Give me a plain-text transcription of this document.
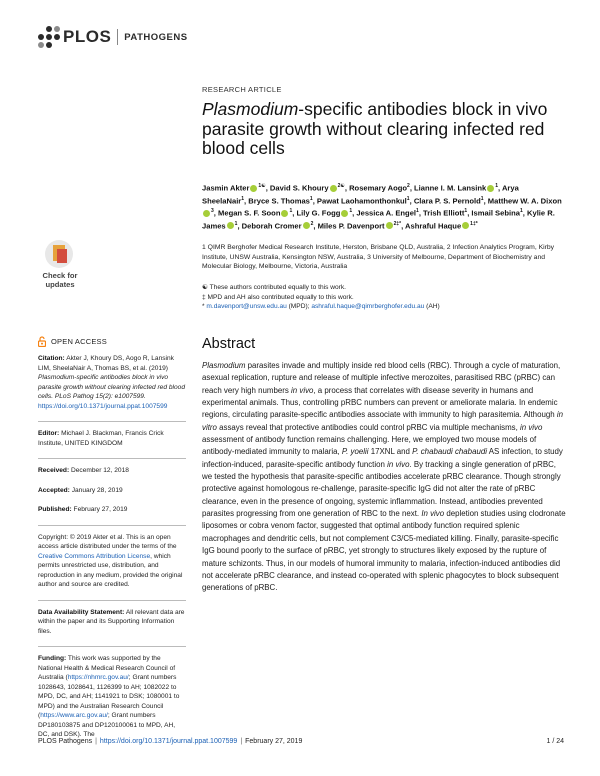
PLOS PATHOGENS
RESEARCH ARTICLE
Plasmodium-specific antibodies block in vivo parasite growth without clearing infected red blood cells
Jasmin Akter $^{1☯}$, David S. Khoury $^{2☯}$, Rosemary Aogo$^2$, Lianne I. M. Lansink $^1$, Arya SheelaNair$^1$, Bryce S. Thomas$^1$, Pawat Laohamonthonkul$^1$, Clara P. S. Pernold$^1$, Matthew W. A. Dixon$^3$, Megan S. F. Soon $^1$, Lily G. Fogg $^1$, Jessica A. Engel$^1$, Trish Elliott$^1$, Ismail Sebina$^1$, Kylie R. James $^1$, Deborah Cromer $^2$, Miles P. Davenport $^{2\ddagger*}$, Ashraful Haque $^{1\ddagger*}$
1 QIMR Berghofer Medical Research Institute, Herston, Brisbane QLD, Australia, 2 Infection Analytics Program, Kirby Institute, UNSW Australia, Kensington NSW, Australia, 3 University of Melbourne, Department of Biochemistry and Molecular Biology, Melbourne, Victoria, Australia
☯ These authors contributed equally to this work.
‡ MPD and AH also contributed equally to this work.
* m.davenport@unsw.edu.au (MPD); ashraful.haque@qimrberghofer.edu.au (AH)
Check for
updates
OPEN ACCESS
Citation: Akter J, Khoury DS, Aogo R, Lansink LIM, SheelaNair A, Thomas BS, et al. (2019) Plasmodium-specific antibodies block in vivo parasite growth without clearing infected red blood cells. PLoS Pathog 15(2): e1007599. https://doi.org/10.1371/journal.ppat.1007599
Editor: Michael J. Blackman, Francis Crick Institute, UNITED KINGDOM
Received: December 12, 2018
Accepted: January 28, 2019
Published: February 27, 2019
Copyright: © 2019 Akter et al. This is an open access article distributed under the terms of the Creative Commons Attribution License, which permits unrestricted use, distribution, and reproduction in any medium, provided the original author and source are credited.
Data Availability Statement: All relevant data are within the paper and its Supporting Information files.
Funding: This work was supported by the National Health & Medical Research Council of Australia (https://nhmrc.gov.au/; Grant numbers 1028643, 1028641, 1126399 to AH; 1082022 to MPD, DC, and AH; 1141921 to DSK; 1080001 to MPD) and the Australian Research Council (https://www.arc.gov.au/; Grant numbers DP180103875 and DP120100061 to MPD, AH, DC, and DSK). The
Abstract
Plasmodium parasites invade and multiply inside red blood cells (RBC). Through a cycle of maturation, asexual replication, rupture and release of multiple infective merozoites, parasitised RBC (pRBC) can reach very high numbers in vivo, a process that correlates with disease severity in humans and experimental animals. Thus, controlling pRBC numbers can prevent or ameliorate malaria. In endemic regions, circulating parasite-specific antibodies associate with immunity to high parasitemia. Although in vitro assays reveal that protective antibodies could control pRBC via multiple mechanisms, in vivo assessment of antibody function remains challenging. Here, we employed two mouse models of antibody-mediated immunity to malaria, P. yoelii 17XNL and P. chabaudi chabaudi AS infection, to study infection-induced, parasite-specific antibody function in vivo. By tracking a single generation of pRBC, we tested the hypothesis that parasite-specific antibodies accelerate pRBC clearance. Though strongly protective against homologous re-challenge, parasite-specific IgG did not alter the rate of pRBC clearance, even in the presence of ongoing, systemic inflammation. Instead, antibodies prevented parasites progressing from one generation of RBC to the next. In vivo depletion studies using clodronate liposomes or cobra venom factor, suggested that optimal antibody function required splenic macrophages and dendritic cells, but not complement C3/C5-mediated killing. Finally, parasite-specific IgG bound poorly to the surface of pRBC, yet strongly to structures likely exposed by the rupture of mature schizonts. Thus, in our models of humoral immunity to malaria, infection-induced antibodies did not accelerate pRBC clearance, and instead co-operated with splenic phagocytes to block subsequent generations of pRBC.
PLOS Pathogens | https://doi.org/10.1371/journal.ppat.1007599 | February 27, 2019	1 / 24
